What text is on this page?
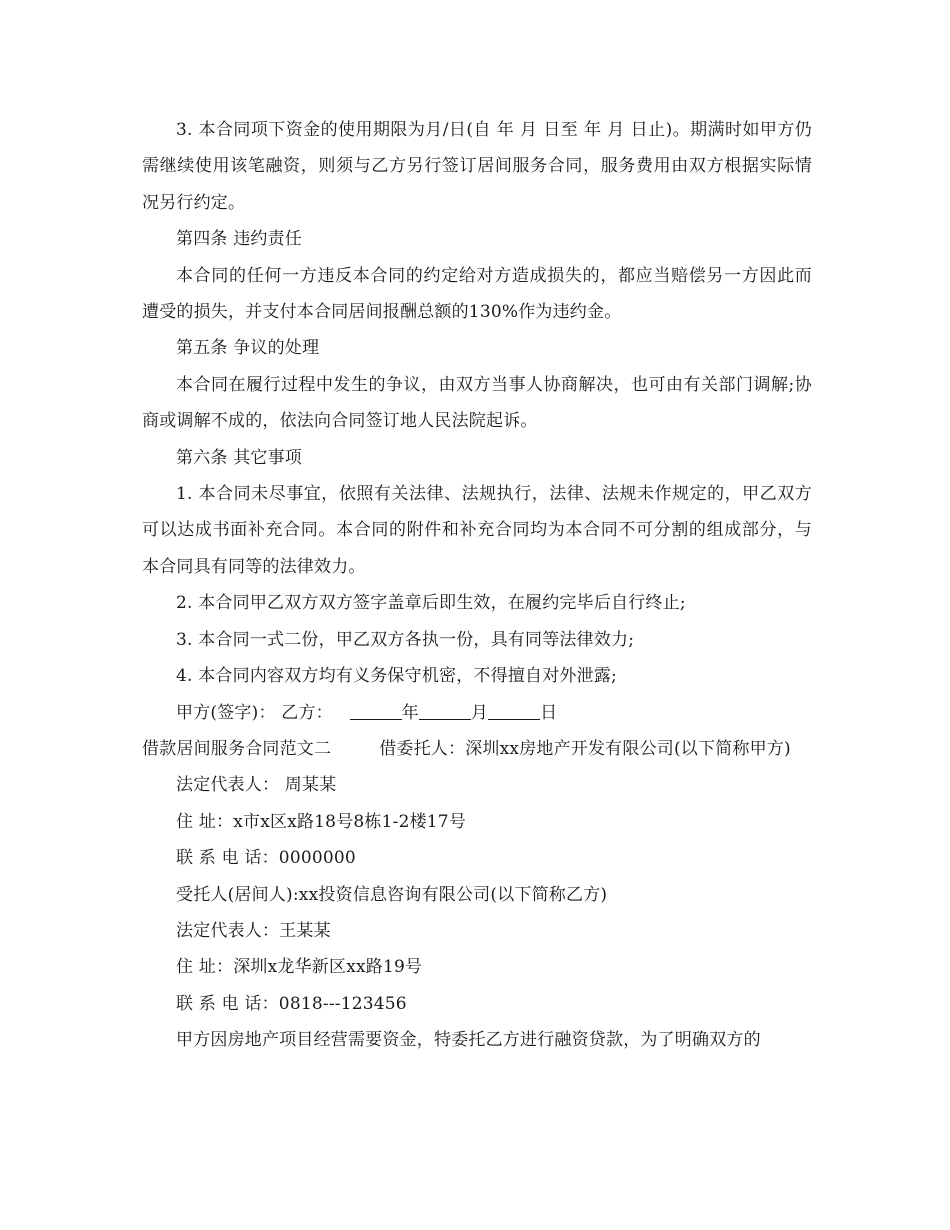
3. 本合同项下资金的使用期限为月/日(自 年 月 日至 年 月 日止)。期满时如甲方仍需继续使用该笔融资，则须与乙方另行签订居间服务合同，服务费用由双方根据实际情况另行约定。

第四条 违约责任

本合同的任何一方违反本合同的约定给对方造成损失的，都应当赔偿另一方因此而遭受的损失，并支付本合同居间报酬总额的130%作为违约金。

第五条 争议的处理

本合同在履行过程中发生的争议，由双方当事人协商解决，也可由有关部门调解;协商或调解不成的，依法向合同签订地人民法院起诉。

第六条 其它事项

1. 本合同未尽事宜，依照有关法律、法规执行，法律、法规未作规定的，甲乙双方可以达成书面补充合同。本合同的附件和补充合同均为本合同不可分割的组成部分，与本合同具有同等的法律效力。

2. 本合同甲乙双方双方签字盖章后即生效，在履约完毕后自行终止;

3. 本合同一式二份，甲乙双方各执一份，具有同等法律效力;

4. 本合同内容双方均有义务保守机密，不得擅自对外泄露;

甲方(签字)： 乙方：	年	月	日

借款居间服务合同范文二	借委托人：深圳xx房地产开发有限公司(以下简称甲方)

法定代表人： 周某某

住 址：x市x区x路18号8栋1-2楼17号

联 系 电 话：0000000

受托人(居间人):xx投资信息咨询有限公司(以下简称乙方)

法定代表人：王某某

住 址：深圳x龙华新区xx路19号

联 系 电 话：0818---123456

甲方因房地产项目经营需要资金，特委托乙方进行融资贷款，为了明确双方的
